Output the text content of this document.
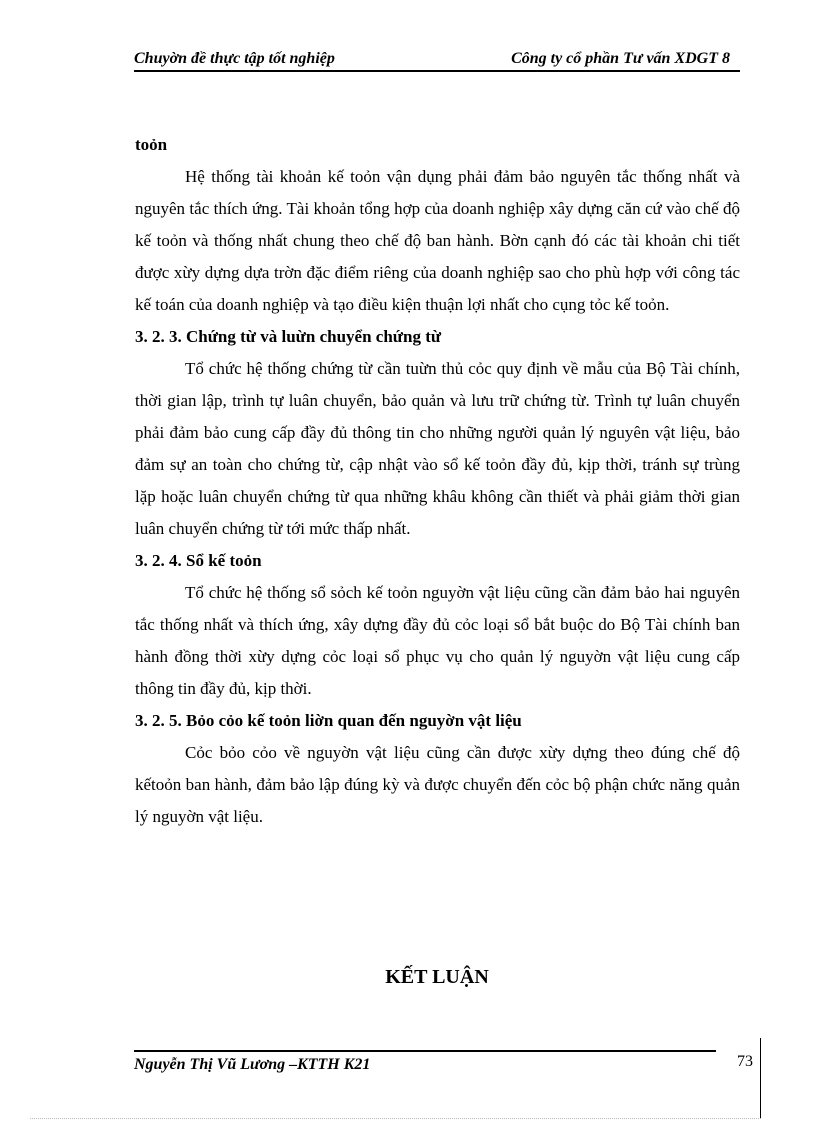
Chuyờn đề thực tập tốt nghiệp	Công ty cổ phần Tư vấn XDGT 8

toỏn

Hệ thống tài khoản kế toỏn vận dụng phải đảm bảo nguyên tắc thống nhất và nguyên tắc thích ứng. Tài khoản tổng hợp của doanh nghiệp xây dựng căn cứ vào chế độ kế toỏn và thống nhất chung theo chế độ ban hành. Bờn cạnh đó các tài khoản chi tiết được xừy dựng dựa trờn đặc điểm riêng của doanh nghiệp sao cho phù hợp với công tác kế toán của doanh nghiệp và tạo điều kiện thuận lợi nhất cho cụng tỏc kế toỏn.

3. 2. 3. Chứng từ và luừn chuyển chứng từ

Tổ chức hệ thống chứng từ cần tuừn thủ cỏc quy định về mẫu của Bộ Tài chính, thời gian lập, trình tự luân chuyển, bảo quản và lưu trữ chứng từ. Trình tự luân chuyển phải đảm bảo cung cấp đầy đủ thông tin cho những người quản lý nguyên vật liệu, bảo đảm sự an toàn cho chứng từ, cập nhật vào sổ kế toỏn đầy đủ, kịp thời, tránh sự trùng lặp hoặc luân chuyển chứng từ qua những khâu không cần thiết và phải giảm thời gian luân chuyển chứng từ tới mức thấp nhất.

3. 2. 4. Sổ kế toỏn

Tổ chức hệ thống sổ sỏch kế toỏn nguyờn vật liệu cũng cần đảm bảo hai nguyên tắc thống nhất và thích ứng, xây dựng đầy đủ cỏc loại sổ bắt buộc do Bộ Tài chính ban hành đồng thời xừy dựng cỏc loại sổ phục vụ cho quản lý nguyờn vật liệu cung cấp thông tin đầy đủ, kịp thời.

3. 2. 5. Bỏo cỏo kế toỏn liờn quan đến nguyờn vật liệu

Cỏc bỏo cỏo về nguyờn vật liệu cũng cần được xừy dựng theo đúng chế độ kếtoỏn ban hành, đảm bảo lập đúng kỳ và được chuyển đến cỏc bộ phận chức năng quản lý nguyờn vật liệu.

KẾT LUẬN
Nguyễn Thị Vũ Lương –KTTH K21	73
